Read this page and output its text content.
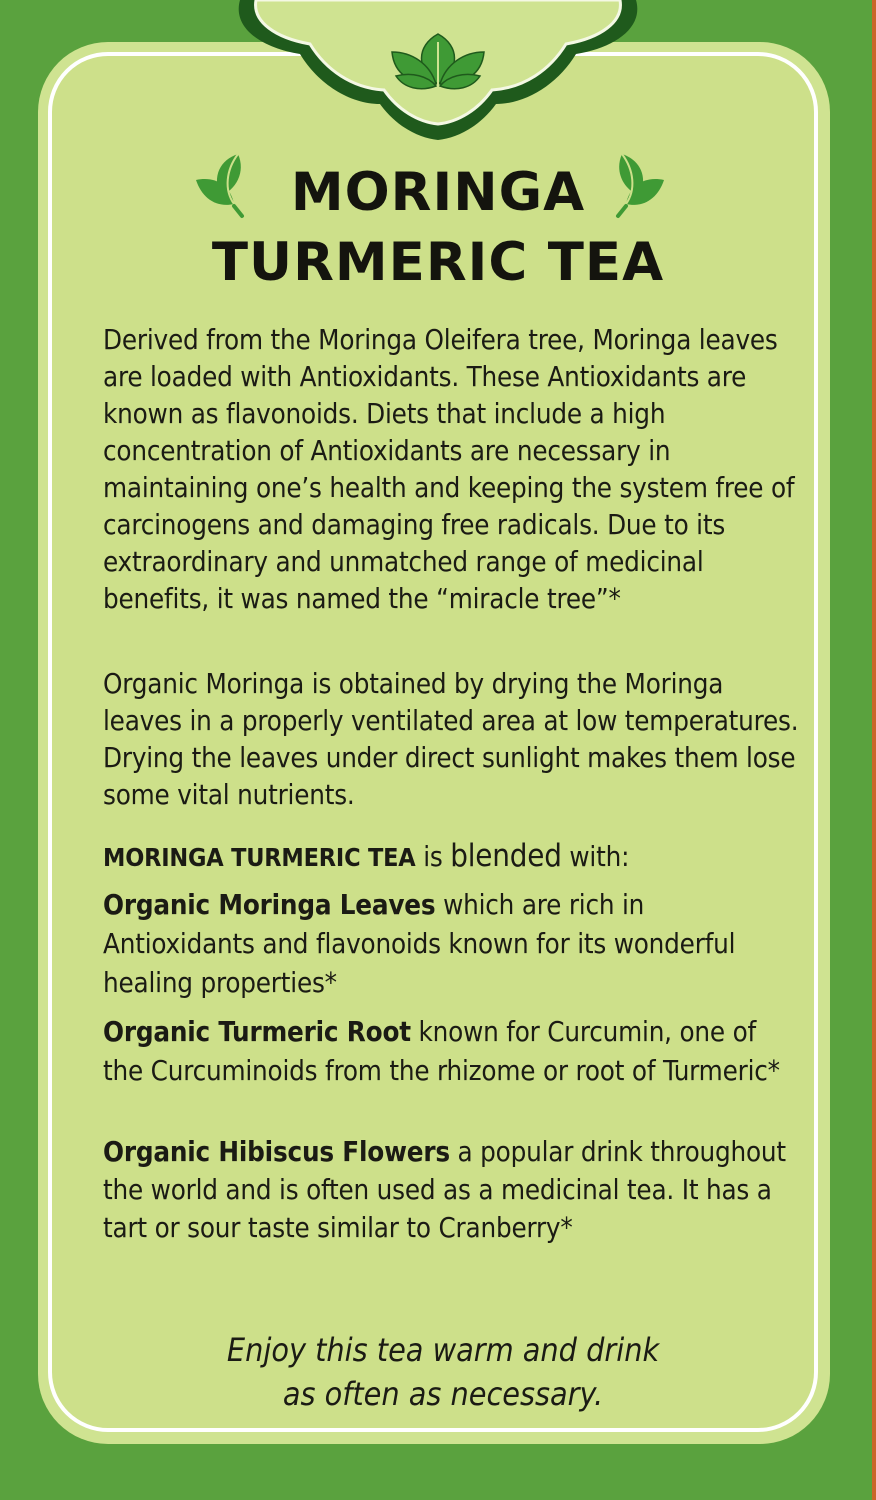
MORINGA
TURMERIC TEA

Derived from the Moringa Oleifera tree, Moringa leaves are loaded with Antioxidants. These Antioxidants are known as flavonoids. Diets that include a high concentration of Antioxidants are necessary in maintaining one’s health and keeping the system free of carcinogens and damaging free radicals. Due to its extraordinary and unmatched range of medicinal benefits, it was named the “miracle tree”*

Organic Moringa is obtained by drying the Moringa leaves in a properly ventilated area at low temperatures. Drying the leaves under direct sunlight makes them lose some vital nutrients.

MORINGA TURMERIC TEA is blended with:
Organic Moringa Leaves which are rich in Antioxidants and flavonoids known for its wonderful healing properties*
Organic Turmeric Root known for Curcumin, one of the Curcuminoids from the rhizome or root of Turmeric*
Organic Hibiscus Flowers a popular drink throughout the world and is often used as a medicinal tea. It has a tart or sour taste similar to Cranberry*
Enjoy this tea warm and drink
as often as necessary.
